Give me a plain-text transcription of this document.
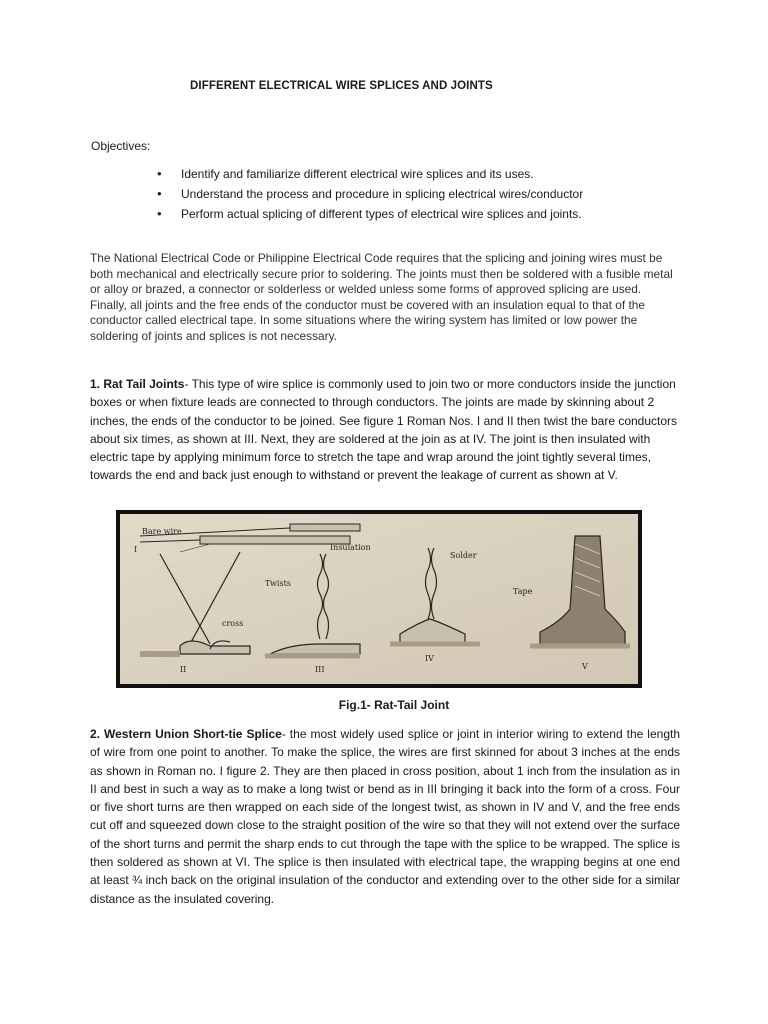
DIFFERENT ELECTRICAL WIRE SPLICES AND JOINTS
Objectives:
• Identify and familiarize different electrical wire splices and its uses.
• Understand the process and procedure in splicing electrical wires/conductor
• Perform actual splicing of different types of electrical wire splices and joints.
The National Electrical Code or Philippine Electrical Code requires that the splicing and joining wires must be both mechanical and electrically secure prior to soldering. The joints must then be soldered with a fusible metal or alloy or brazed, a connector or solderless or welded unless some forms of approved splicing are used. Finally, all joints and the free ends of the conductor must be covered with an insulation equal to that of the conductor called electrical tape. In some situations where the wiring system has limited or low power the soldering of joints and splices is not necessary.
1. Rat Tail Joints- This type of wire splice is commonly used to join two or more conductors inside the junction boxes or when fixture leads are connected to through conductors. The joints are made by skinning about 2 inches, the ends of the conductor to be joined. See figure 1 Roman Nos. I and II then twist the bare conductors about six times, as shown at III. Next, they are soldered at the join as at IV. The joint is then insulated with electric tape by applying minimum force to stretch the tape and wrap around the joint tightly several times, towards the end and back just enough to withstand or prevent the leakage of current as shown at V.
Bare wire
I	Insulation
cross
II
Twists
III
Solder
IV
Tape
V
Fig.1- Rat-Tail Joint
2. Western Union Short-tie Splice- the most widely used splice or joint in interior wiring to extend the length of wire from one point to another. To make the splice, the wires are first skinned for about 3 inches at the ends as shown in Roman no. I figure 2. They are then placed in cross position, about 1 inch from the insulation as in II and best in such a way as to make a long twist or bend as in III bringing it back into the form of a cross. Four or five short turns are then wrapped on each side of the longest twist, as shown in IV and V, and the free ends cut off and squeezed down close to the straight position of the wire so that they will not extend over the surface of the short turns and permit the sharp ends to cut through the tape with the splice to be wrapped. The splice is then soldered as shown at VI. The splice is then insulated with electrical tape, the wrapping begins at one end at least ¾ inch back on the original insulation of the conductor and extending over to the other side for a similar distance as the insulated covering.
